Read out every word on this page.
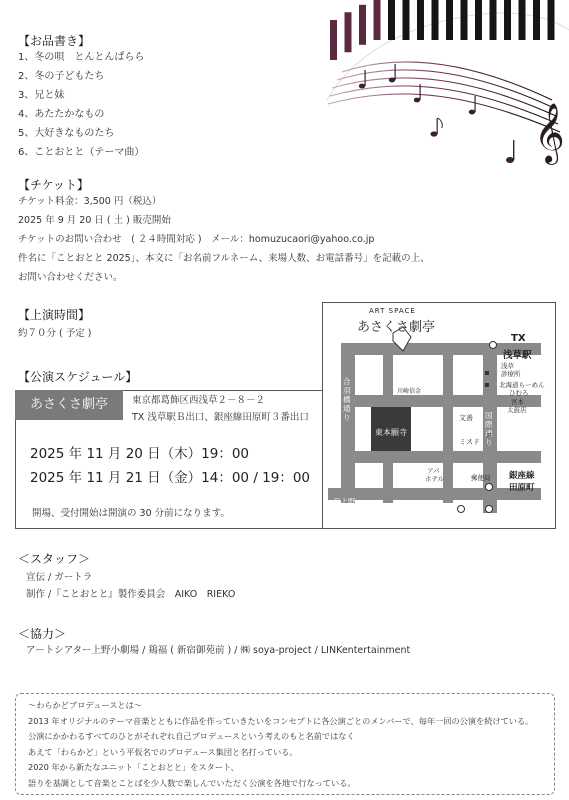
【お品書き】
1、冬の唄　とんとんぱらら
2、冬の子どもたち
3、兄と妹
4、あたたかなもの
5、大好きなものたち
6、ことおとと（テーマ曲）	𝄞
【チケット】
チケット料金：3,500 円（税込）
2025 年 9 月 20 日 ( 土 ) 販売開始
チケットのお問い合わせ　( ２４時間対応 )　メール：homuzucaori@yahoo.co.jp
件名に「ことおとと 2025」、本文に「お名前フルネーム、来場人数、お電話番号」を記載の上、
お問い合わせください。
【上演時間】
約７０分 ( 予定 )
【公演スケジュール】
あさくさ劇亭	東京都葛飾区西浅草２－８－２
TX 浅草駅Ｂ出口、銀座線田原町３番出口
2025 年 11 月 20 日（木）19：00
2025 年 11 月 21 日（金）14：00 / 19：00
開場、受付開始は開演の 30 分前になります。
ART SPACE
あさくさ劇亭
TX
浅草駅
合羽橋通り
東本願寺
国際通り
銀座線
田原町
至上野
川崎信金
浅草
診療所
北海道らーめん
ひむろ
宮本
太鼓店
文善
ミスド
アパ
ホテル	郵便局
＜スタッフ＞
宣伝 / ガートラ
制作 /『ことおとと』製作委員会　AIKO　RIEKO
＜協力＞
アートシアター上野小劇場 / 鶏福 ( 新宿御苑前 ) / ㈱ soya-project / LINKentertainment
～わらかどプロデュースとは～
2013 年オリジナルのテーマ音楽とともに作品を作っていきたいをコンセプトに各公演ごとのメンバーで、毎年一回の公演を続けている。
公演にかかわるすべてのひとがそれぞれ自己プロデュースという考えのもと名前ではなく
あえて「わらかど」という平仮名でのプロデュース集団と名打っている。
2020 年から新たなユニット「ことおとと」をスタート、
語りを基調として音楽とことばを少人数で楽しんでいただく公演を各地で行なっている。
